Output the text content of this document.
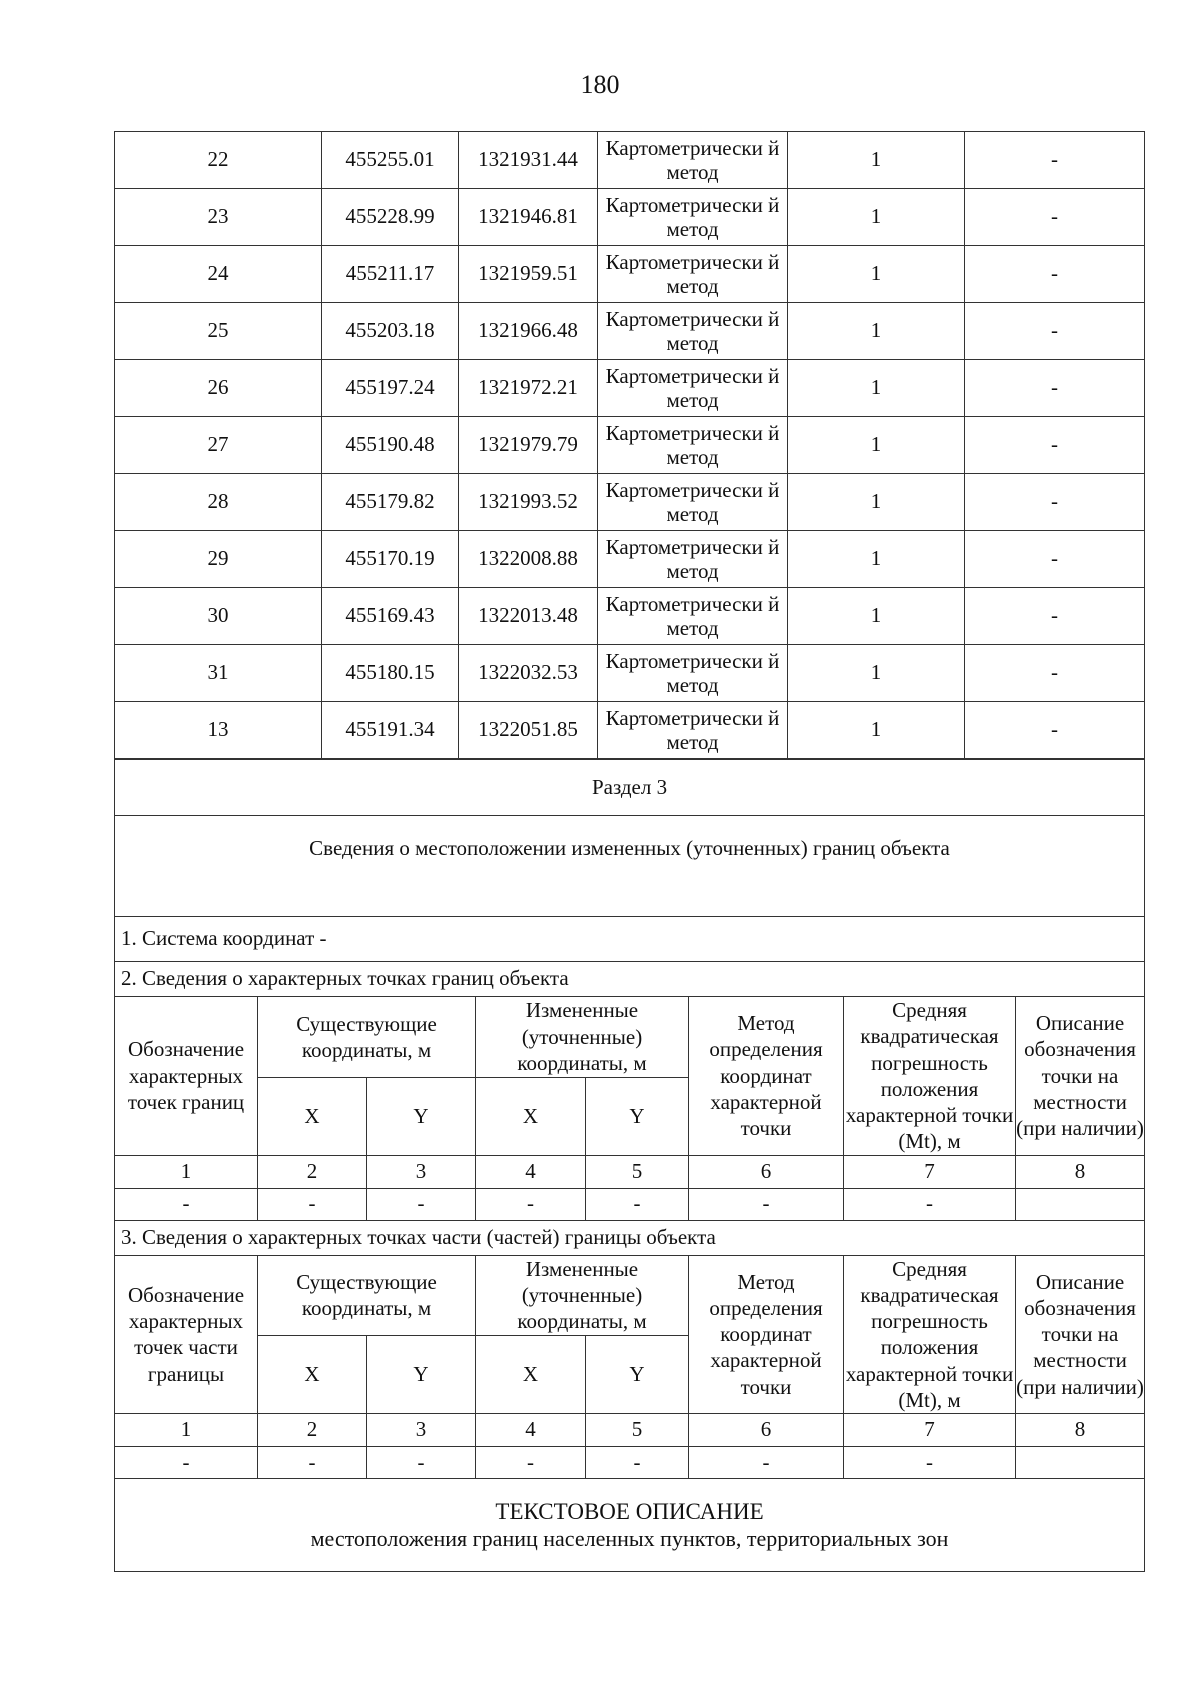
180
22	455255.01	1321931.44	Картометрически й метод	1	-
23	455228.99	1321946.81	Картометрически й метод	1	-
24	455211.17	1321959.51	Картометрически й метод	1	-
25	455203.18	1321966.48	Картометрически й метод	1	-
26	455197.24	1321972.21	Картометрически й метод	1	-
27	455190.48	1321979.79	Картометрически й метод	1	-
28	455179.82	1321993.52	Картометрически й метод	1	-
29	455170.19	1322008.88	Картометрически й метод	1	-
30	455169.43	1322013.48	Картометрически й метод	1	-
31	455180.15	1322032.53	Картометрически й метод	1	-
13	455191.34	1322051.85	Картометрически й метод	1	-
Раздел 3							
Сведения о местоположении измененных (уточненных) границ объекта							
1. Система координат -							
2. Сведения о характерных точках границ объекта							
Обозначение характерных точек границ	Существующие координаты, м		Измененные (уточненные) координаты, м		Метод определения координат характерной точки	Средняя квадратическая погрешность положения характерной точки (Mt), м	Описание обозначения точки на местности (при наличии)
	X	Y	X	Y			
1	2	3	4	5	6	7	8
-	-	-	-	-	-	-	
3. Сведения о характерных точках части (частей) границы объекта							
Обозначение характерных точек части границы	Существующие координаты, м		Измененные (уточненные) координаты, м		Метод определения координат характерной точки	Средняя квадратическая погрешность положения характерной точки (Mt), м	Описание обозначения точки на местности (при наличии)
	X	Y	X	Y			
1	2	3	4	5	6	7	8
-	-	-	-	-	-	-	

ТЕКСТОВОЕ ОПИСАНИЕ
местоположения границ населенных пунктов, территориальных зон							
